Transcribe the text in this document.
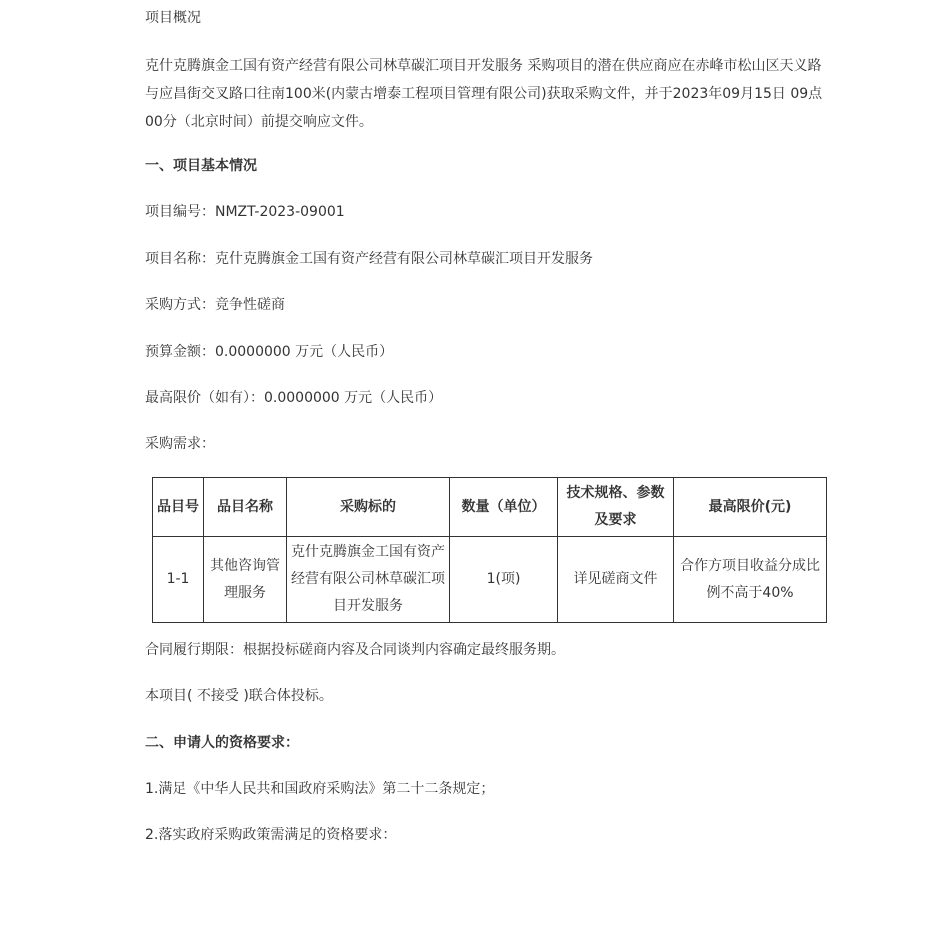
项目概况

克什克腾旗金工国有资产经营有限公司林草碳汇项目开发服务 采购项目的潜在供应商应在赤峰市松山区天义路与应昌街交叉路口往南100米(内蒙古增泰工程项目管理有限公司)获取采购文件，并于2023年09月15日 09点00分（北京时间）前提交响应文件。

一、项目基本情况

项目编号：NMZT-2023-09001

项目名称：克什克腾旗金工国有资产经营有限公司林草碳汇项目开发服务

采购方式：竞争性磋商

预算金额：0.0000000 万元（人民币）

最高限价（如有）：0.0000000 万元（人民币）

采购需求：

品目号	品目名称	采购标的	数量（单位）	技术规格、参数及要求	最高限价(元)
1-1	其他咨询管理服务	克什克腾旗金工国有资产经营有限公司林草碳汇项目开发服务	1(项)	详见磋商文件	合作方项目收益分成比例不高于40%

合同履行期限：根据投标磋商内容及合同谈判内容确定最终服务期。

本项目( 不接受 )联合体投标。

二、申请人的资格要求：

1.满足《中华人民共和国政府采购法》第二十二条规定；

2.落实政府采购政策需满足的资格要求：
